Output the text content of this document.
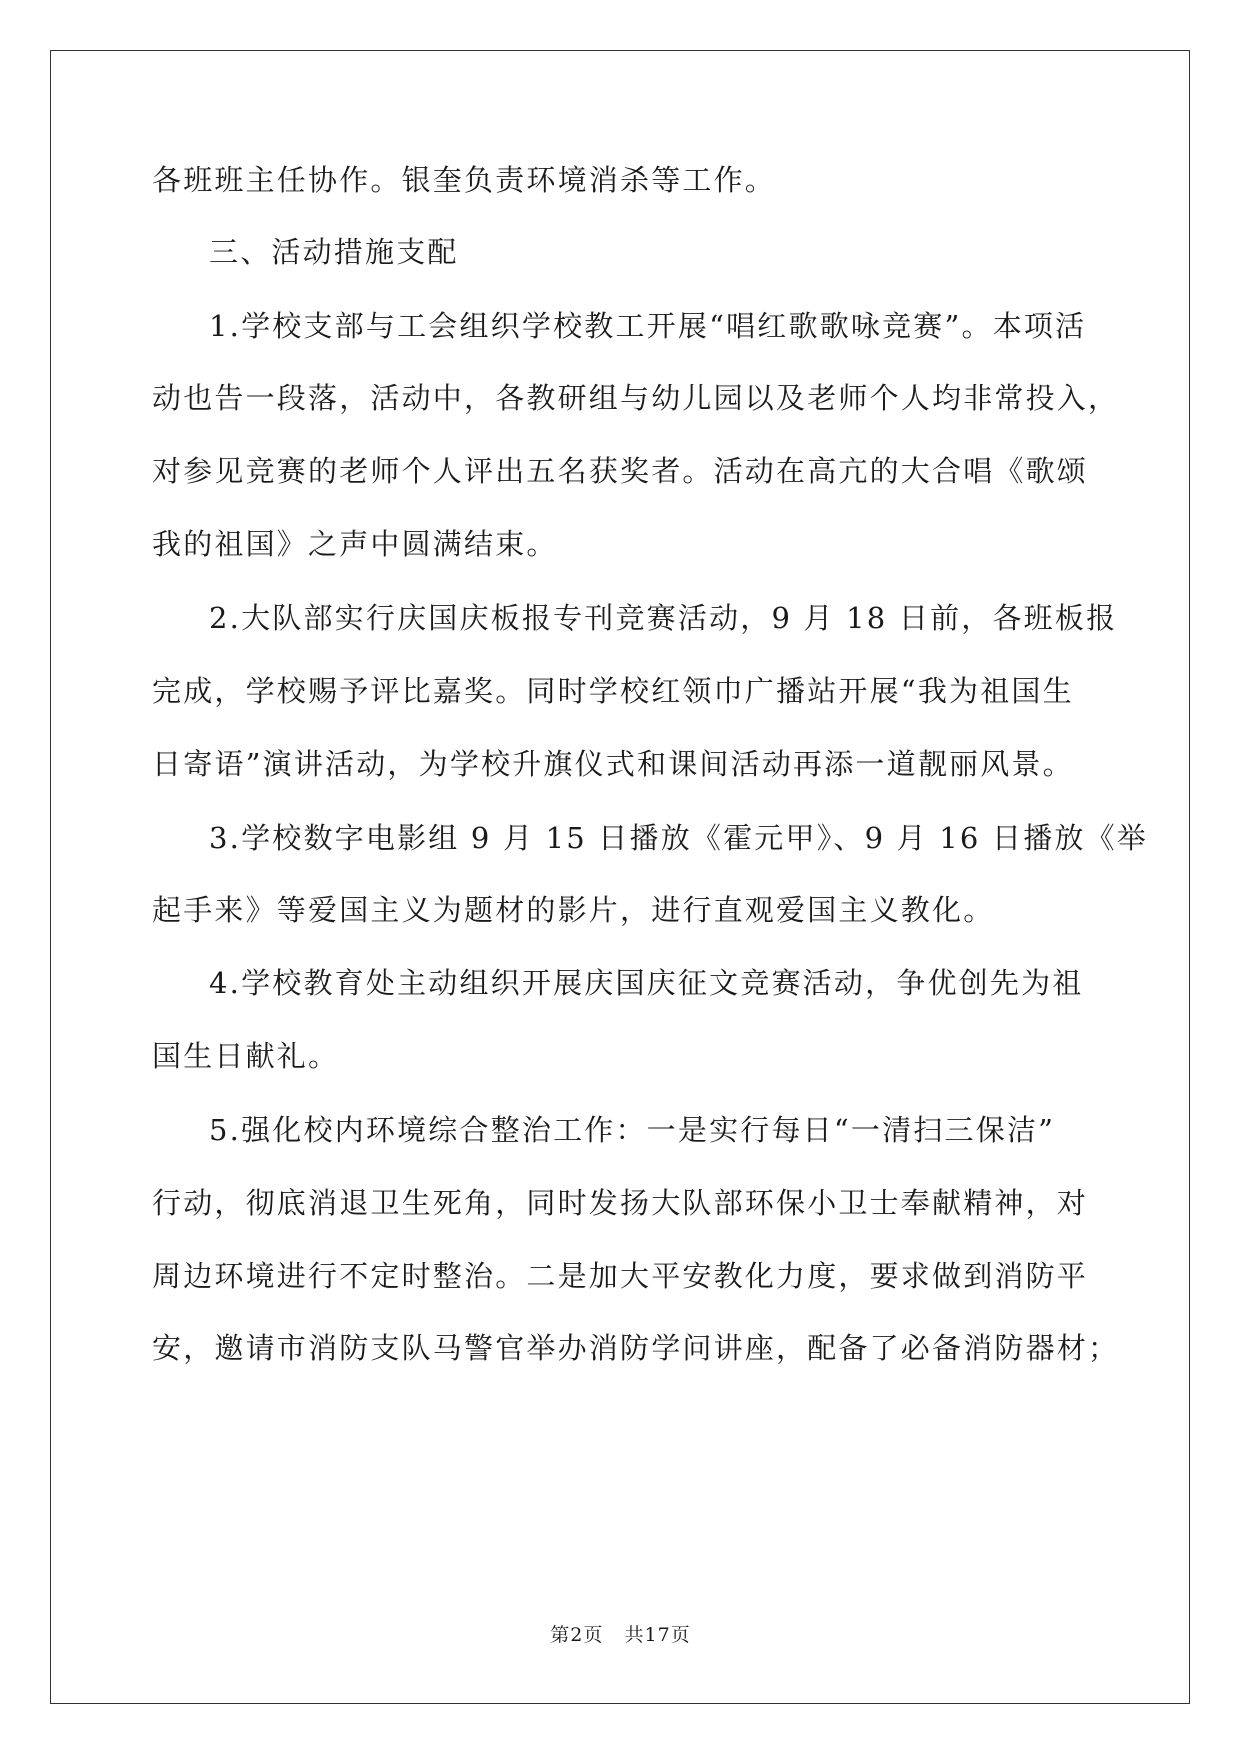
各班班主任协作。银奎负责环境消杀等工作。
三、活动措施支配
1.学校支部与工会组织学校教工开展“唱红歌歌咏竞赛”。本项活
动也告一段落，活动中，各教研组与幼儿园以及老师个人均非常投入，
对参见竞赛的老师个人评出五名获奖者。活动在高亢的大合唱《歌颂
我的祖国》之声中圆满结束。
2.大队部实行庆国庆板报专刊竞赛活动，9 月 18 日前，各班板报
完成，学校赐予评比嘉奖。同时学校红领巾广播站开展“我为祖国生
日寄语”演讲活动，为学校升旗仪式和课间活动再添一道靓丽风景。
3.学校数字电影组 9 月 15 日播放《霍元甲》、9 月 16 日播放《举
起手来》等爱国主义为题材的影片，进行直观爱国主义教化。
4.学校教育处主动组织开展庆国庆征文竞赛活动，争优创先为祖
国生日献礼。
5.强化校内环境综合整治工作：一是实行每日“一清扫三保洁”
行动，彻底消退卫生死角，同时发扬大队部环保小卫士奉献精神，对
周边环境进行不定时整治。二是加大平安教化力度，要求做到消防平
安，邀请市消防支队马警官举办消防学问讲座，配备了必备消防器材；
第2页 共17页
